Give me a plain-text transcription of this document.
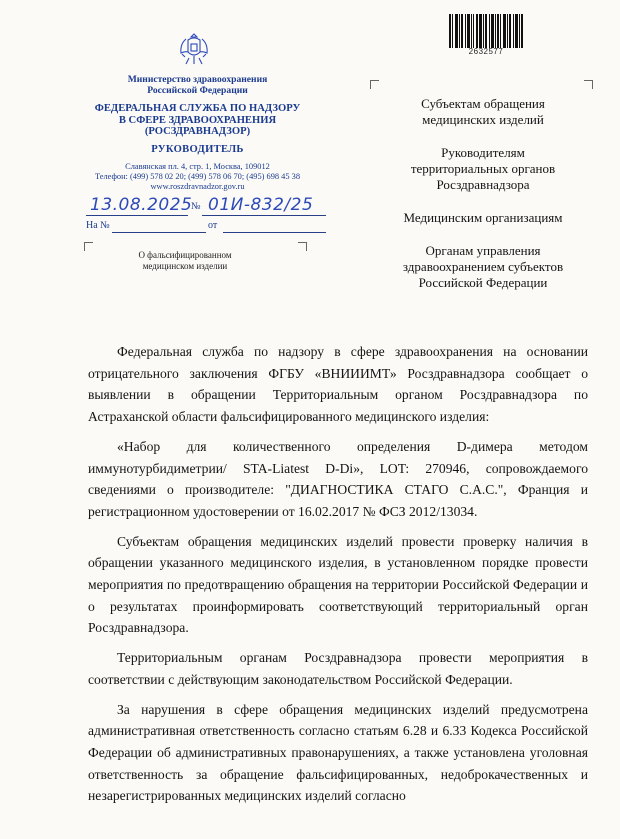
Министерство здравоохранения
Российской Федерации
ФЕДЕРАЛЬНАЯ СЛУЖБА ПО НАДЗОРУ
В СФЕРЕ ЗДРАВООХРАНЕНИЯ
(РОСЗДРАВНАДЗОР)
РУКОВОДИТЕЛЬ
Славянская пл. 4, стр. 1, Москва, 109012
Телефон: (499) 578 02 20; (499) 578 06 70; (495) 698 45 38
www.roszdravnadzor.gov.ru
13.08.2025
№ 01И-832/25
На №	от
О фальсифицированном
медицинском изделии
2632577
Субъектам обращения
медицинских изделий
Руководителям
территориальных органов
Росздравнадзора
Медицинским организациям
Органам управления
здравоохранением субъектов
Российской Федерации

Федеральная служба по надзору в сфере здравоохранения на основании отрицательного заключения ФГБУ «ВНИИИМТ» Росздравнадзора сообщает о выявлении в обращении Территориальным органом Росздравнадзора по Астраханской области фальсифицированного медицинского изделия:

«Набор для количественного определения D-димера методом иммунотурбидиметрии/ STA-Liatest D-Di», LOT: 270946, сопровождаемого сведениями о производителе: "ДИАГНОСТИКА СТАГО С.А.С.", Франция и регистрационном удостоверении от 16.02.2017 № ФСЗ 2012/13034.

Субъектам обращения медицинских изделий провести проверку наличия в обращении указанного медицинского изделия, в установленном порядке провести мероприятия по предотвращению обращения на территории Российской Федерации и о результатах проинформировать соответствующий территориальный орган Росздравнадзора.

Территориальным органам Росздравнадзора провести мероприятия в соответствии с действующим законодательством Российской Федерации.

За нарушения в сфере обращения медицинских изделий предусмотрена административная ответственность согласно статьям 6.28 и 6.33 Кодекса Российской Федерации об административных правонарушениях, а также установлена уголовная ответственность за обращение фальсифицированных, недоброкачественных и незарегистрированных медицинских изделий согласно
